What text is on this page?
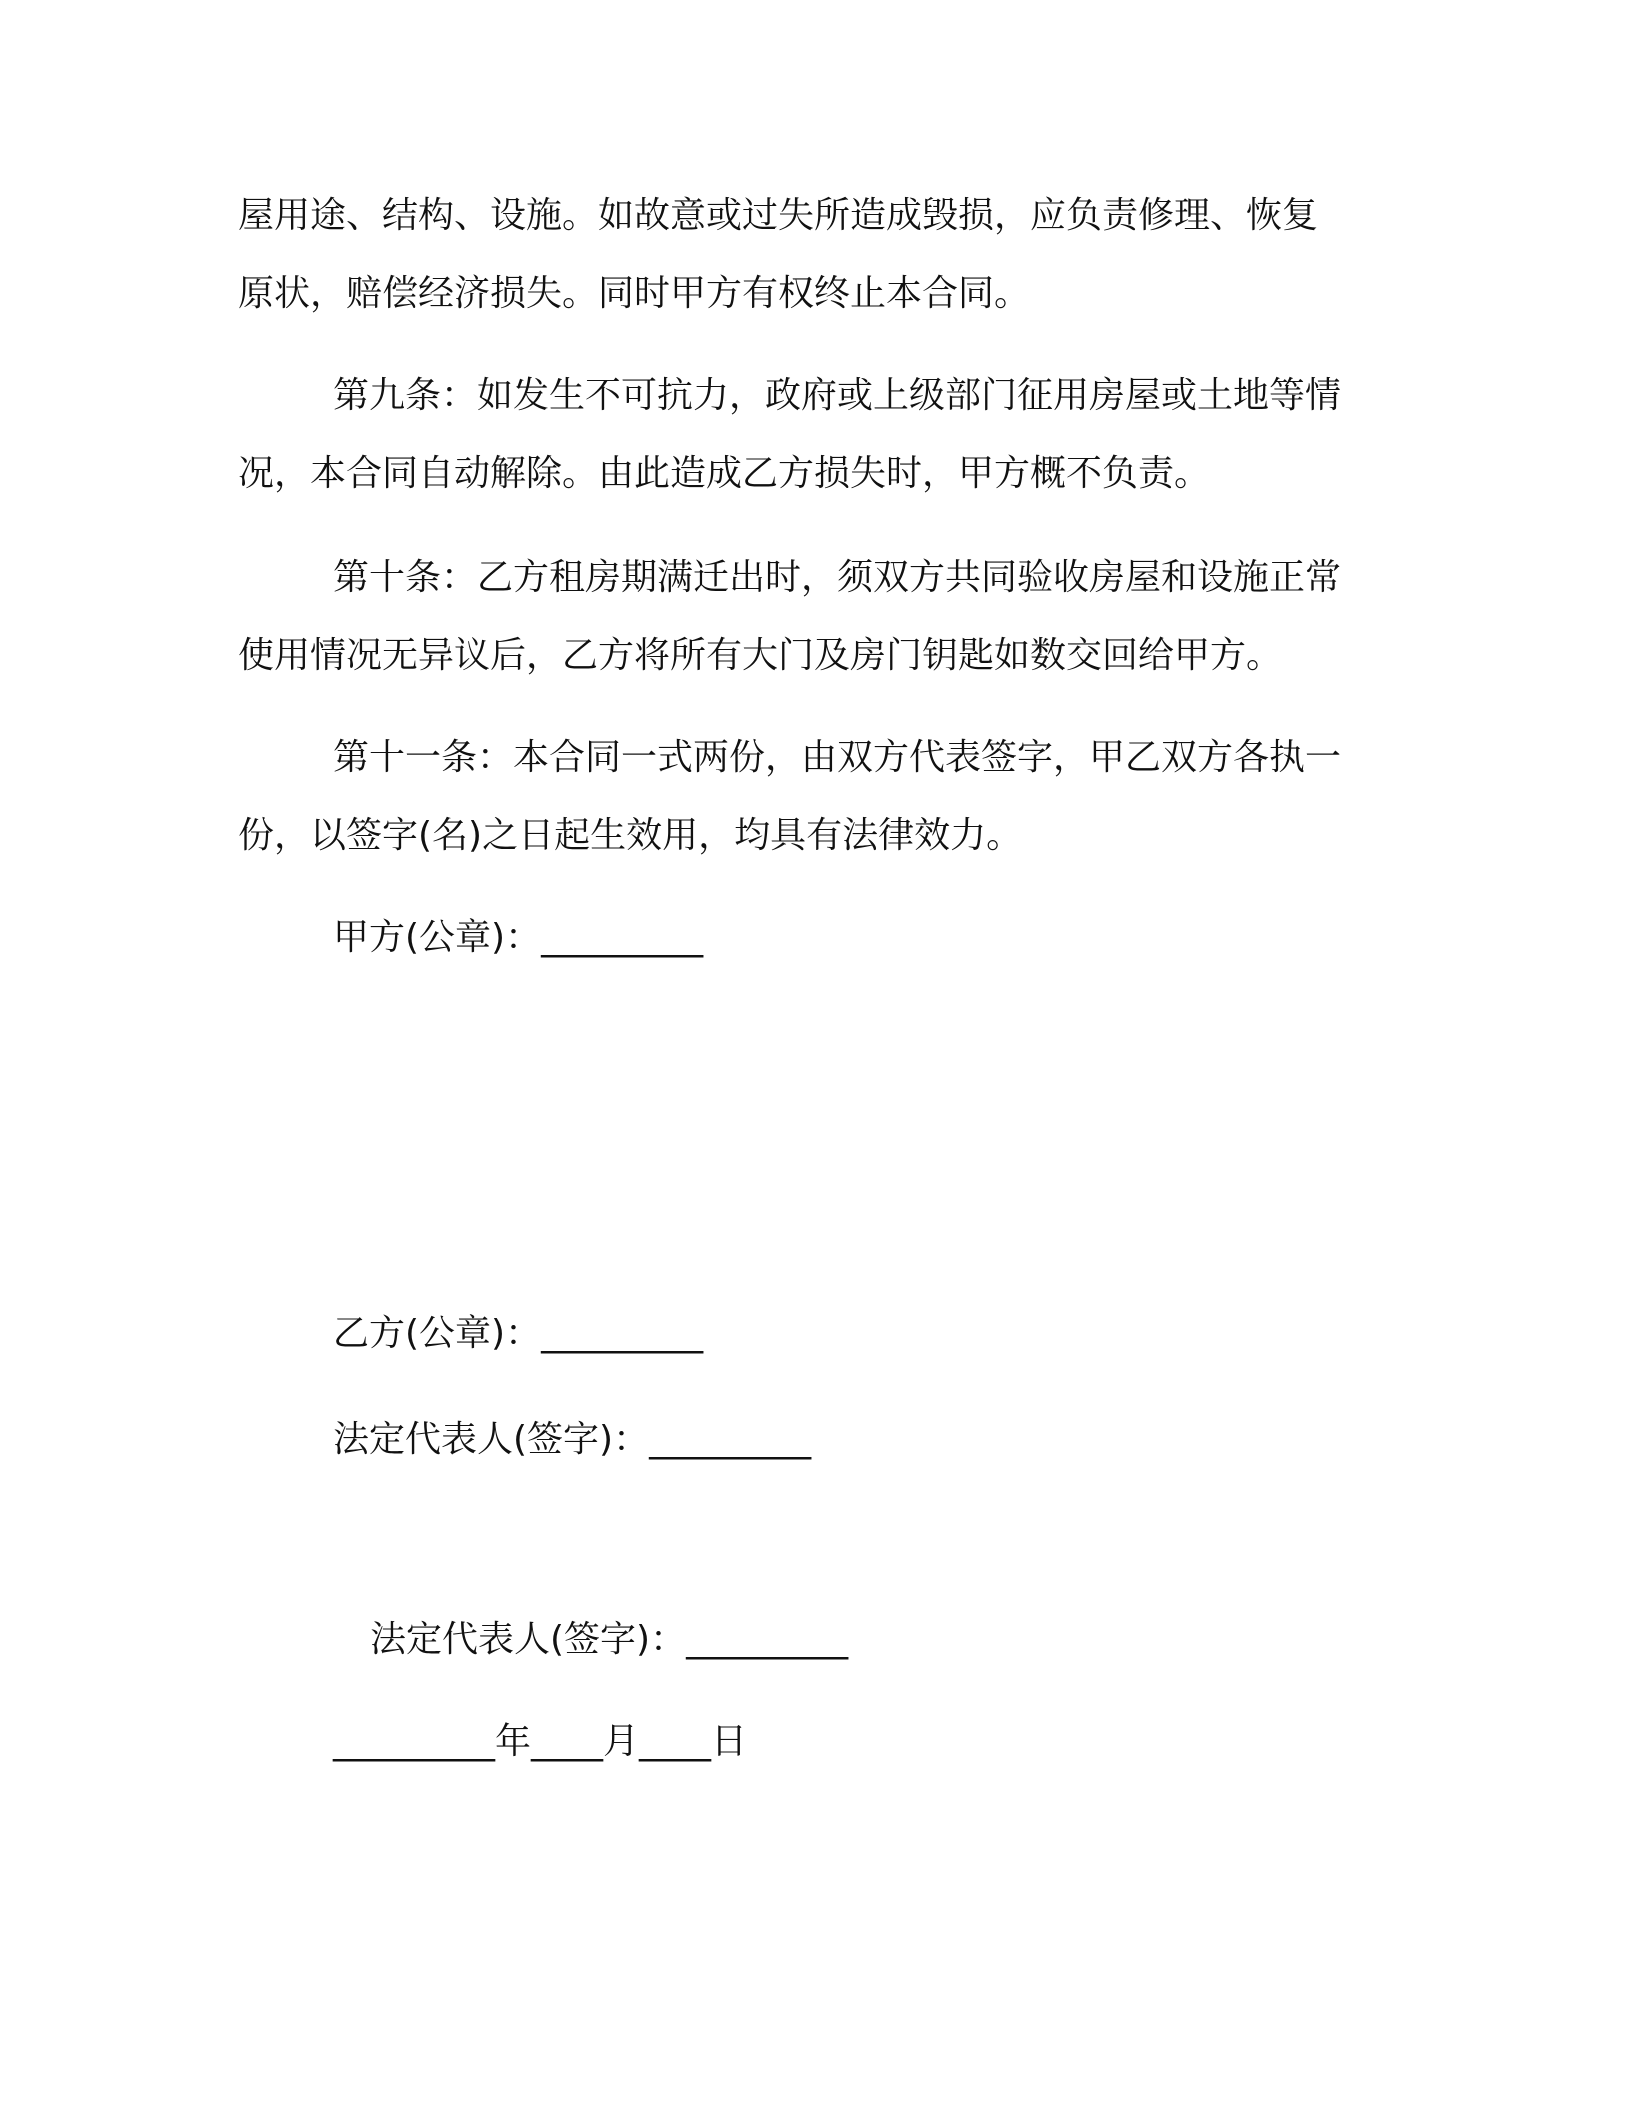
屋用途、结构、设施。如故意或过失所造成毁损，应负责修理、恢复

原状，赔偿经济损失。同时甲方有权终止本合同。

第九条：如发生不可抗力，政府或上级部门征用房屋或土地等情

况，本合同自动解除。由此造成乙方损失时，甲方概不负责。

第十条：乙方租房期满迁出时，须双方共同验收房屋和设施正常

使用情况无异议后，乙方将所有大门及房门钥匙如数交回给甲方。

第十一条：本合同一式两份，由双方代表签字，甲乙双方各执一

份，以签字(名)之日起生效用，均具有法律效力。

甲方(公章)：_________

乙方(公章)：_________

法定代表人(签字)：_________

法定代表人(签字)：_________

_________年____月____日
